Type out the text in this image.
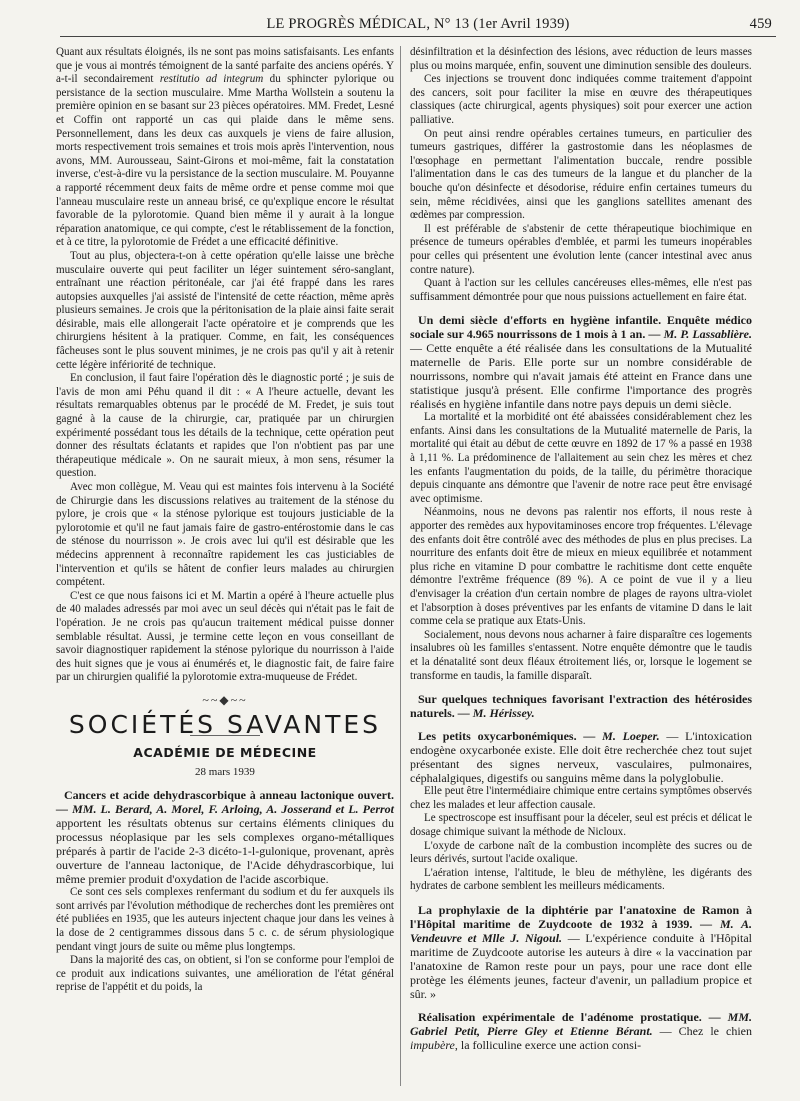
LE PROGRÈS MÉDICAL, N° 13 (1er Avril 1939)	459

Quant aux résultats éloignés, ils ne sont pas moins satisfaisants. Les enfants que je vous ai montrés témoignent de la santé parfaite des anciens opérés. Y a-t-il secondairement restitutio ad integrum du sphincter pylorique ou persistance de la section musculaire. Mme Martha Wollstein a soutenu la première opinion en se basant sur 23 pièces opératoires. MM. Fredet, Lesné et Coffin ont rapporté un cas qui plaide dans le même sens. Personnellement, dans les deux cas auxquels je viens de faire allusion, morts respectivement trois semaines et trois mois après l'intervention, nous avons, MM. Aurousseau, Saint-Girons et moi-même, fait la constatation inverse, c'est-à-dire vu la persistance de la section musculaire. M. Pouyanne a rapporté récemment deux faits de même ordre et pense comme moi que l'anneau musculaire reste un anneau brisé, ce qu'explique encore le résultat favorable de la pylorotomie. Quand bien même il y aurait à la longue réparation anatomique, ce qui compte, c'est le rétablissement de la fonction, et à ce titre, la pylorotomie de Frédet a une efficacité définitive.

Tout au plus, objectera-t-on à cette opération qu'elle laisse une brèche musculaire ouverte qui peut faciliter un léger suintement séro-sanglant, entraînant une réaction péritonéale, car j'ai été frappé dans les rares autopsies auxquelles j'ai assisté de l'intensité de cette réaction, même après plusieurs semaines. Je crois que la péritonisation de la plaie ainsi faite serait désirable, mais elle allongerait l'acte opératoire et je comprends que les chirurgiens hésitent à la pratiquer. Comme, en fait, les conséquences fâcheuses sont le plus souvent minimes, je ne crois pas qu'il y ait à retenir cette légère infériorité de technique.

En conclusion, il faut faire l'opération dès le diagnostic porté ; je suis de l'avis de mon ami Péhu quand il dit : « A l'heure actuelle, devant les résultats remarquables obtenus par le procédé de M. Fredet, je suis tout gagné à la cause de la chirurgie, car, pratiquée par un chirurgien expérimenté possédant tous les détails de la technique, cette opération peut donner des résultats éclatants et rapides que l'on n'obtient pas par une thérapeutique médicale ». On ne saurait mieux, à mon sens, résumer la question.

Avec mon collègue, M. Veau qui est maintes fois intervenu à la Société de Chirurgie dans les discussions relatives au traitement de la sténose du pylore, je crois que « la sténose pylorique est toujours justiciable de la pylorotomie et qu'il ne faut jamais faire de gastro-entérostomie dans le cas de sténose du nourrisson ». Je crois avec lui qu'il est désirable que les médecins apprennent à reconnaître rapidement les cas justiciables de l'intervention et qu'ils se hâtent de confier leurs malades au chirurgien compétent.

C'est ce que nous faisons ici et M. Martin a opéré à l'heure actuelle plus de 40 malades adressés par moi avec un seul décès qui n'était pas le fait de l'opération. Je ne crois pas qu'aucun traitement médical puisse donner semblable résultat. Aussi, je termine cette leçon en vous conseillant de savoir diagnostiquer rapidement la sténose pylorique du nourrisson à l'aide des huit signes que je vous ai énumérés et, le diagnostic fait, de faire faire par un chirurgien qualifié la pylorotomie extra-muqueuse de Frédet.

~~◆~~
SOCIÉTÉS SAVANTES
ACADÉMIE DE MÉDECINE
28 mars 1939

Cancers et acide dehydrascorbique à anneau lactonique ouvert. — MM. L. Berard, A. Morel, F. Arloing, A. Josserand et L. Perrot apportent les résultats obtenus sur certains éléments cliniques du processus néoplasique par les sels complexes organo-métalliques préparés à partir de l'acide 2-3 dicéto-1-l-gulonique, provenant, après ouverture de l'anneau lactonique, de l'Acide déhydrascorbique, lui même premier produit d'oxydation de l'acide ascorbique.

Ce sont ces sels complexes renfermant du sodium et du fer auxquels ils sont arrivés par l'évolution méthodique de recherches dont les premières ont été publiées en 1935, que les auteurs injectent chaque jour dans les veines à la dose de 2 centigrammes dissous dans 5 c. c. de sérum physiologique pendant vingt jours de suite ou même plus longtemps.

Dans la majorité des cas, on obtient, si l'on se conforme pour l'emploi de ce produit aux indications suivantes, une amélioration de l'état général reprise de l'appétit et du poids, la

désinfiltration et la désinfection des lésions, avec réduction de leurs masses plus ou moins marquée, enfin, souvent une diminution sensible des douleurs.

Ces injections se trouvent donc indiquées comme traitement d'appoint des cancers, soit pour faciliter la mise en œuvre des thérapeutiques classiques (acte chirurgical, agents physiques) soit pour exercer une action palliative.

On peut ainsi rendre opérables certaines tumeurs, en particulier des tumeurs gastriques, différer la gastrostomie dans les néoplasmes de l'œsophage en permettant l'alimentation buccale, rendre possible l'alimentation dans le cas des tumeurs de la langue et du plancher de la bouche qu'on désinfecte et désodorise, réduire enfin certaines tumeurs du sein, même récidivées, ainsi que les ganglions satellites amenant des œdèmes par compression.

Il est préférable de s'abstenir de cette thérapeutique biochimique en présence de tumeurs opérables d'emblée, et parmi les tumeurs inopérables pour celles qui présentent une évolution lente (cancer intestinal avec anus contre nature).

Quant à l'action sur les cellules cancéreuses elles-mêmes, elle n'est pas suffisamment démontrée pour que nous puissions actuellement en faire état.

Un demi siècle d'efforts en hygiène infantile. Enquête médico sociale sur 4.965 nourrissons de 1 mois à 1 an. — M. P. Lassablière. — Cette enquête a été réalisée dans les consultations de la Mutualité maternelle de Paris. Elle porte sur un nombre considérable de nourrissons, nombre qui n'avait jamais été atteint en France dans une statistique jusqu'à présent. Elle confirme l'importance des progrès réalisés en hygiène infantile dans notre pays depuis un demi siècle.

La mortalité et la morbidité ont été abaissées considérablement chez les enfants. Ainsi dans les consultations de la Mutualité maternelle de Paris, la mortalité qui était au début de cette œuvre en 1892 de 17 % a passé en 1938 à 1,11 %. La prédominence de l'allaitement au sein chez les mères et chez les enfants l'augmentation du poids, de la taille, du périmètre thoracique depuis cinquante ans démontre que l'avenir de notre race peut être envisagé avec optimisme.

Néanmoins, nous ne devons pas ralentir nos efforts, il nous reste à apporter des remèdes aux hypovitaminoses encore trop fréquentes. L'élevage des enfants doit être contrôlé avec des méthodes de plus en plus precises. La nourriture des enfants doit être de mieux en mieux equilibrée et notamment plus riche en vitamine D pour combattre le rachitisme dont cette enquête démontre l'extrême fréquence (89 %). A ce point de vue il y a lieu d'envisager la création d'un certain nombre de plages de rayons ultra-violet et l'absorption à doses préventives par les enfants de vitamine D dans le lait comme cela se pratique aux Etats-Unis.

Socialement, nous devons nous acharner à faire disparaître ces logements insalubres où les familles s'entassent. Notre enquête démontre que le taudis et la dénatalité sont deux fléaux étroitement liés, or, lorsque le logement se transforme en taudis, la famille disparaît.

Sur quelques techniques favorisant l'extraction des hétérosides naturels. — M. Hérissey.

Les petits oxycarbonémiques. — M. Loeper. — L'intoxication endogène oxycarbonée existe. Elle doit être recherchée chez tout sujet présentant des signes nerveux, vasculaires, pulmonaires, céphalalgiques, digestifs ou sanguins même dans la polyglobulie.

Elle peut être l'intermédiaire chimique entre certains symptômes observés chez les malades et leur affection causale.

Le spectroscope est insuffisant pour la déceler, seul est précis et délicat le dosage chimique suivant la méthode de Nicloux.

L'oxyde de carbone naît de la combustion incomplète des sucres ou de leurs dérivés, surtout l'acide oxalique.

L'aération intense, l'altitude, le bleu de méthylène, les digérants des hydrates de carbone semblent les meilleurs médicaments.

La prophylaxie de la diphtérie par l'anatoxine de Ramon à l'Hôpital maritime de Zuydcoote de 1932 à 1939. — M. A. Vendeuvre et Mlle J. Nigoul. — L'expérience conduite à l'Hôpital maritime de Zuydcoote autorise les auteurs à dire « la vaccination par l'anatoxine de Ramon reste pour un pays, pour une race dont elle protège les éléments jeunes, facteur d'avenir, un palladium propice et sûr. »

Réalisation expérimentale de l'adénome prostatique. — MM. Gabriel Petit, Pierre Gley et Etienne Bérant. — Chez le chien impubère, la folliculine exerce une action consi-
